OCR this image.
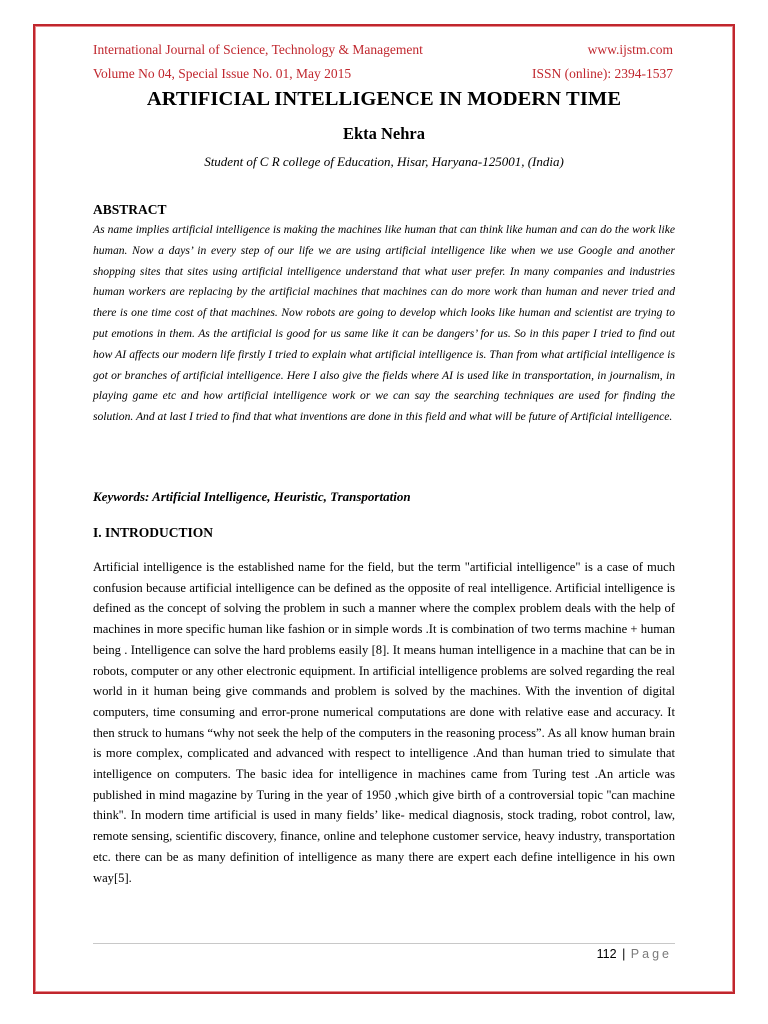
International Journal of Science, Technology & Management	www.ijstm.com
Volume No 04, Special Issue No. 01, May 2015	ISSN (online): 2394-1537
ARTIFICIAL INTELLIGENCE IN MODERN TIME
Ekta Nehra
Student of C R college of Education, Hisar, Haryana-125001, (India)
ABSTRACT

As name implies artificial intelligence is making the machines like human that can think like human and can do the work like human. Now a days’ in every step of our life we are using artificial intelligence like when we use Google and another shopping sites that sites using artificial intelligence understand that what user prefer. In many companies and industries human workers are replacing by the artificial machines that machines can do more work than human and never tried and there is one time cost of that machines. Now robots are going to develop which looks like human and scientist are trying to put emotions in them. As the artificial is good for us same like it can be dangers’ for us. So in this paper I tried to find out how AI affects our modern life firstly I tried to explain what artificial intelligence is. Than from what artificial intelligence is got or branches of artificial intelligence. Here I also give the fields where AI is used like in transportation, in journalism, in playing game etc and how artificial intelligence work or we can say the searching techniques are used for finding the solution. And at last I tried to find that what inventions are done in this field and what will be future of Artificial intelligence.

Keywords: Artificial Intelligence, Heuristic, Transportation
I. INTRODUCTION

Artificial intelligence is the established name for the field, but the term "artificial intelligence" is a case of much confusion because artificial intelligence can be defined as the opposite of real intelligence. Artificial intelligence is defined as the concept of solving the problem in such a manner where the complex problem deals with the help of machines in more specific human like fashion or in simple words .It is combination of two terms machine + human being . Intelligence can solve the hard problems easily [8]. It means human intelligence in a machine that can be in robots, computer or any other electronic equipment. In artificial intelligence problems are solved regarding the real world in it human being give commands and problem is solved by the machines. With the invention of digital computers, time consuming and error-prone numerical computations are done with relative ease and accuracy. It then struck to humans “why not seek the help of the computers in the reasoning process”. As all know human brain is more complex, complicated and advanced with respect to intelligence .And than human tried to simulate that intelligence on computers. The basic idea for intelligence in machines came from Turing test .An article was published in mind magazine by Turing in the year of 1950 ,which give birth of a controversial topic ''can machine think''. In modern time artificial is used in many fields’ like- medical diagnosis, stock trading, robot control, law, remote sensing, scientific discovery, finance, online and telephone customer service, heavy industry, transportation etc. there can be as many definition of intelligence as many there are expert each define intelligence in his own way[5].

112 | Page
